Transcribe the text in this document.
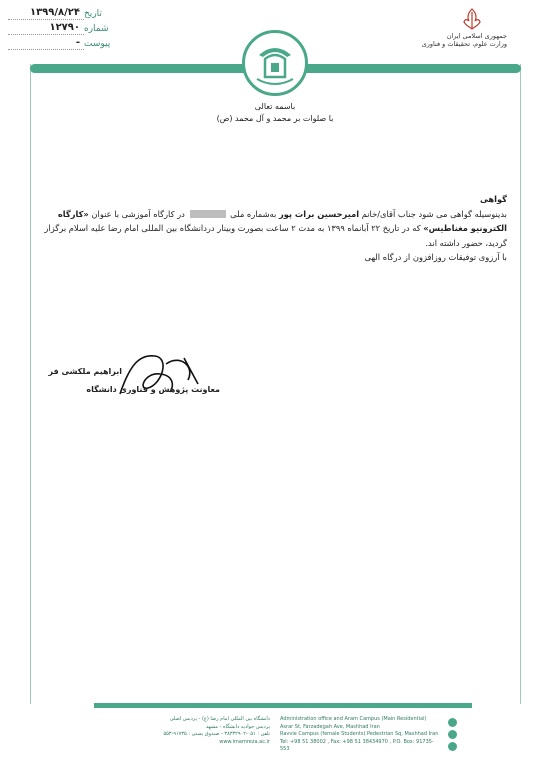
تاریخ
۱۳۹۹/۸/۲۴
شماره
۱۲۷۹۰
پیوست
-
جمهوری اسلامی ایران
وزارت علوم، تحقیقات و فناوری
باسمه تعالی
با صلوات بر محمد و آل محمد (ص)
گواهی
بدینوسیله گواهی می شود جناب آقای/خانم امیرحسین برات پور به‌شماره ملی  در کارگاه آموزشی با عنوان «کارگاه الکترونیو مغناطیس» که در تاریخ ۲۲ آبانماه ۱۳۹۹ به مدت ۲ ساعت بصورت وبینار دردانشگاه بین المللی امام رضا علیه اسلام برگزار گردید، حضور داشته اند.
با آرزوی توفیقات روزافزون از درگاه الهی
ابراهیم ملکشی فر
معاونت پژوهش و فناوری دانشگاه
دانشگاه بین المللی امام رضا (ع) - پردیس اصلی
پردیس جوادیه دانشگاه - مشهد
تلفن : ۰۵۱-۳۸۳۳۲۹۰۲ - صندوق پستی : ۹۱۷۳۵-۵۵۳
www.imamreza.ac.ir
Administration office and Aram Campus (Main Residential)
Asrar St, Farzadegah Ave, Mashhad Iran
Ravvie Campus (female Students) Pedestrian Sq, Mashhad Iran
Tel: +98 51 38002 , Fax: +98 51 38434970 , P.O. Box: 91735-553
